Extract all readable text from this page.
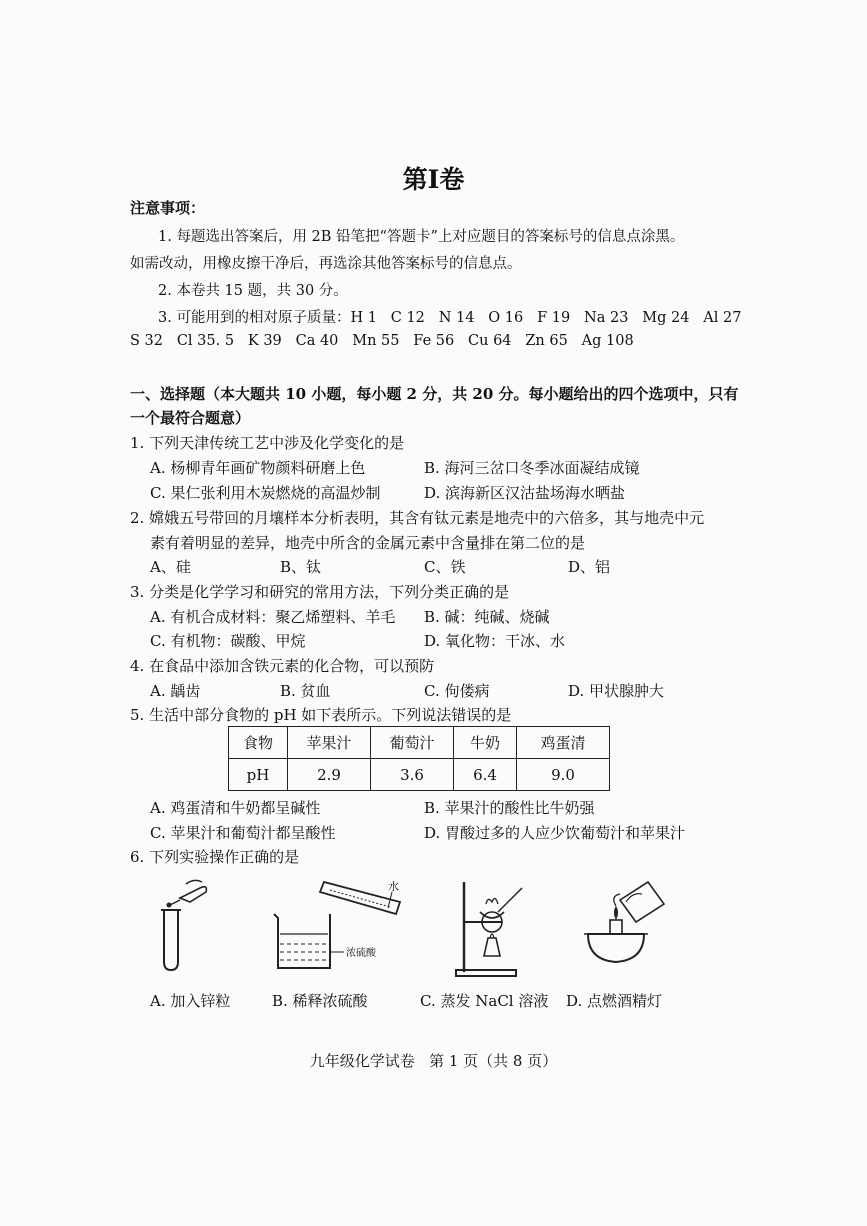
第Ⅰ卷
注意事项：
1. 每题选出答案后，用 2B 铅笔把“答题卡”上对应题目的答案标号的信息点涂黑。
如需改动，用橡皮擦干净后，再选涂其他答案标号的信息点。
2. 本卷共 15 题，共 30 分。
3. 可能用到的相对原子质量：H 1   C 12   N 14   O 16   F 19   Na 23   Mg 24   Al 27
S 32   Cl 35. 5   K 39   Ca 40   Mn 55   Fe 56   Cu 64   Zn 65   Ag 108
一、选择题（本大题共 10 小题，每小题 2 分，共 20 分。每小题给出的四个选项中，只有
一个最符合题意）
1. 下列天津传统工艺中涉及化学变化的是
A. 杨柳青年画矿物颜料研磨上色	B. 海河三岔口冬季冰面凝结成镜
C. 果仁张利用木炭燃烧的高温炒制	D. 滨海新区汉沽盐场海水晒盐
2. 嫦娥五号带回的月壤样本分析表明，其含有钛元素是地壳中的六倍多，其与地壳中元
素有着明显的差异，地壳中所含的金属元素中含量排在第二位的是
A、硅	B、钛	C、铁	D、铝
3. 分类是化学学习和研究的常用方法，下列分类正确的是
A. 有机合成材料：聚乙烯塑料、羊毛 B. 碱：纯碱、烧碱
C. 有机物：碳酸、甲烷	D. 氧化物：干冰、水
4. 在食品中添加含铁元素的化合物，可以预防
A. 龋齿	B. 贫血	C. 佝偻病	D. 甲状腺肿大
5. 生活中部分食物的 pH 如下表所示。下列说法错误的是
食物	苹果汁	葡萄汁	牛奶	鸡蛋清
pH	2.9	3.6	6.4	9.0
A. 鸡蛋清和牛奶都呈碱性	B. 苹果汁的酸性比牛奶强
C. 苹果汁和葡萄汁都呈酸性	D. 胃酸过多的人应少饮葡萄汁和苹果汁
6. 下列实验操作正确的是
浓硫酸
水
A. 加入锌粒	B. 稀释浓硫酸	C. 蒸发 NaCl 溶液 D. 点燃酒精灯
九年级化学试卷   第 1 页（共 8 页）
